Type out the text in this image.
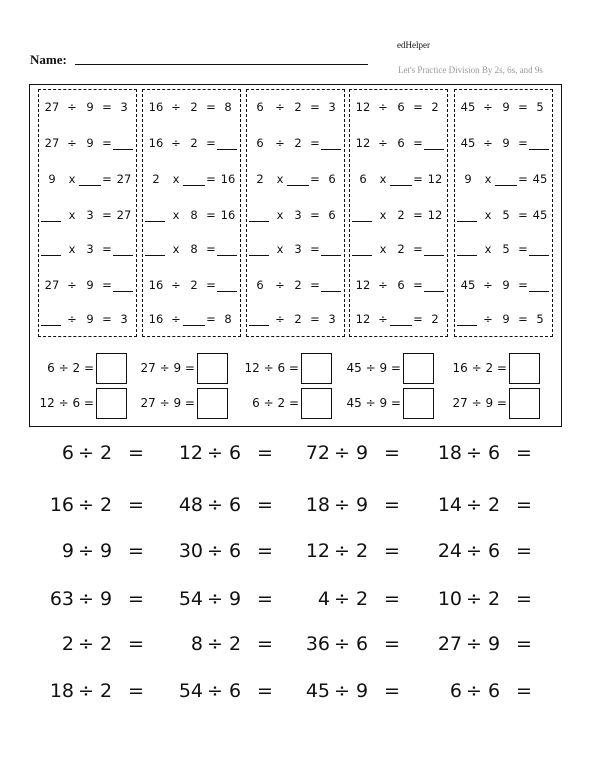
Name:
edHelper
Let's Practice Division By 2s, 6s, and 9s
27 ÷ 9 = 3
27 ÷ 9 =
9	x	= 27
x 3 = 27
x 3 =
27 ÷ 9 =
÷ 9 = 3
16 ÷ 2 = 8
16 ÷ 2 =
2	x	= 16
x 8 = 16
x 8 =
16 ÷ 2 =
16 ÷ = 8
6	÷ 2 = 3
6	÷ 2 =
2	x	= 6
x 3 = 6
x 3 =
6	÷ 2 =
÷ 2 = 3
12 ÷ 6 = 2
12 ÷ 6 =
6	x	= 12
x 2 = 12
x 2 =
12 ÷ 6 =
12 ÷ = 2
45 ÷ 9 = 5
45 ÷ 9 =
9	x	= 45
x 5 = 45
x 5 =
45 ÷ 9 =
÷ 9 = 5
6 ÷ 2 =	27 ÷ 9 =	12 ÷ 6 =	45 ÷ 9 =	16 ÷ 2 =
12 ÷ 6 =	27 ÷ 9 =	6 ÷ 2 =	45 ÷ 9 =	27 ÷ 9 =
6 ÷ 2 = 12 ÷ 6 = 72 ÷ 9 = 18 ÷ 6 =
16 ÷ 2 = 48 ÷ 6 = 18 ÷ 9 = 14 ÷ 2 =
9 ÷ 9 = 30 ÷ 6 = 12 ÷ 2 = 24 ÷ 6 =
63 ÷ 9 = 54 ÷ 9 =	4 ÷ 2 = 10 ÷ 2 =
2 ÷ 2 =	8 ÷ 2 = 36 ÷ 6 = 27 ÷ 9 =
18 ÷ 2 = 54 ÷ 6 = 45 ÷ 9 =	6 ÷ 6 =
